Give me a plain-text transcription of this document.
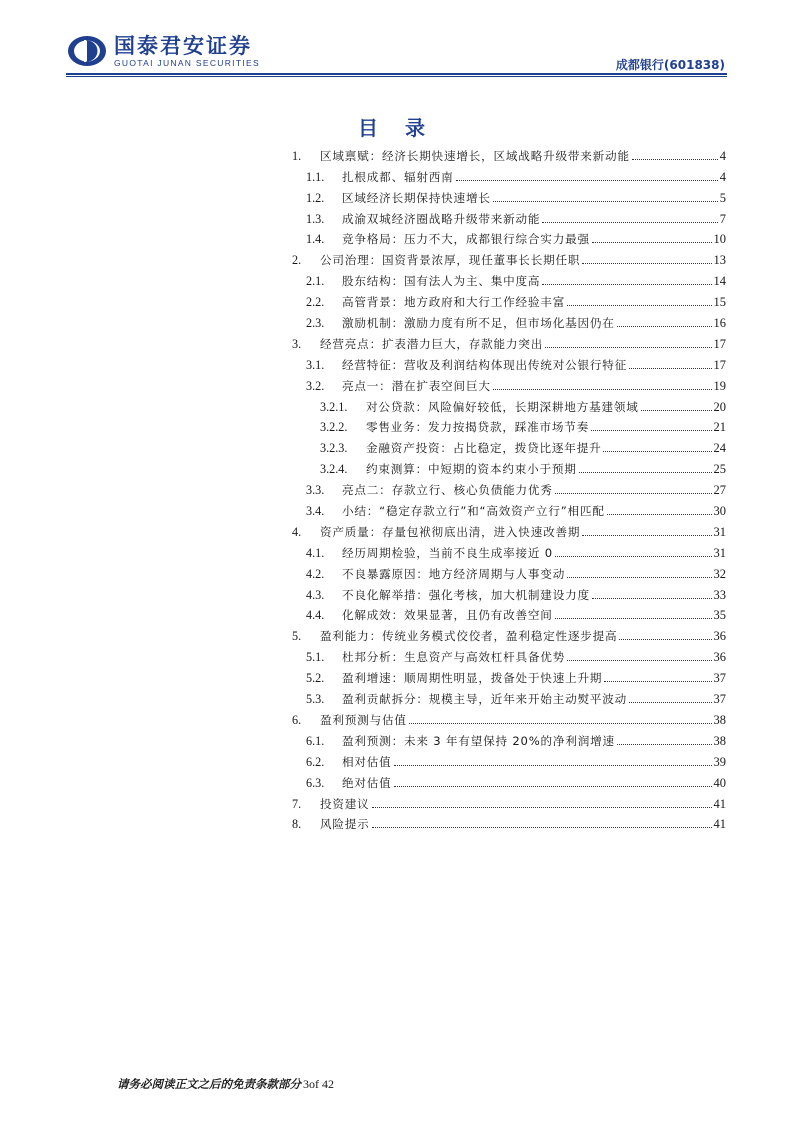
国泰君安证券
GUOTAI JUNAN SECURITIES	成都银行(601838)
目 录
1.	区域禀赋：经济长期快速增长，区域战略升级带来新动能	4
1.1.	扎根成都、辐射西南	4
1.2.	区域经济长期保持快速增长	5
1.3.	成渝双城经济圈战略升级带来新动能	7
1.4.	竞争格局：压力不大，成都银行综合实力最强	10
2.	公司治理：国资背景浓厚，现任董事长长期任职	13
2.1.	股东结构：国有法人为主、集中度高	14
2.2.	高管背景：地方政府和大行工作经验丰富	15
2.3.	激励机制：激励力度有所不足，但市场化基因仍在	16
3.	经营亮点：扩表潜力巨大，存款能力突出	17
3.1.	经营特征：营收及利润结构体现出传统对公银行特征	17
3.2.	亮点一：潜在扩表空间巨大	19
3.2.1.	对公贷款：风险偏好较低，长期深耕地方基建领域	20
3.2.2.	零售业务：发力按揭贷款，踩准市场节奏	21
3.2.3.	金融资产投资：占比稳定，拨贷比逐年提升	24
3.2.4.	约束测算：中短期的资本约束小于预期	25
3.3.	亮点二：存款立行、核心负债能力优秀	27
3.4.	小结：“稳定存款立行”和“高效资产立行”相匹配	30
4.	资产质量：存量包袱彻底出清，进入快速改善期	31
4.1.	经历周期检验，当前不良生成率接近 0	31
4.2.	不良暴露原因：地方经济周期与人事变动	32
4.3.	不良化解举措：强化考核，加大机制建设力度	33
4.4.	化解成效：效果显著，且仍有改善空间	35
5.	盈利能力：传统业务模式佼佼者，盈利稳定性逐步提高	36
5.1.	杜邦分析：生息资产与高效杠杆具备优势	36
5.2.	盈利增速：顺周期性明显，拨备处于快速上升期	37
5.3.	盈利贡献拆分：规模主导，近年来开始主动熨平波动	37
6.	盈利预测与估值	38
6.1.	盈利预测：未来 3 年有望保持 20%的净利润增速	38
6.2.	相对估值	39
6.3.	绝对估值	40
7.	投资建议	41
8.	风险提示	41
请务必阅读正文之后的免责条款部分 3of 42
